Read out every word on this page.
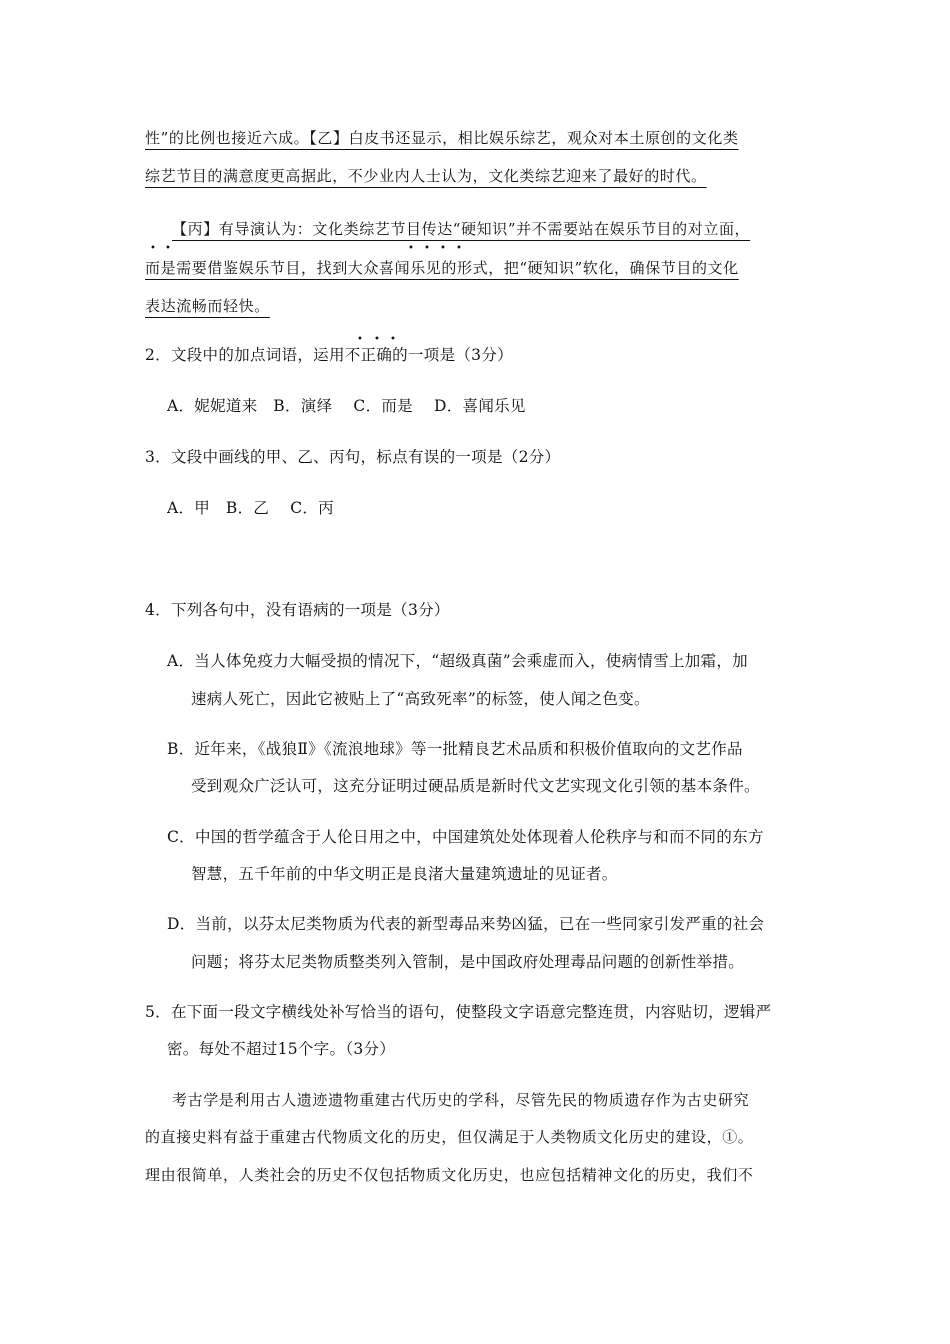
性”的比例也接近六成。【乙】白皮书还显示，相比娱乐综艺，观众对本土原创的文化类
综艺节目的满意度更高据此，不少业内人士认为，文化类综艺迎来了最好的时代。
【丙】有导演认为：文化类综艺节目传达“硬知识”并不需要站在娱乐节目的对立面，
• •	• • • •
而是需要借鉴娱乐节目，找到大众喜闻乐见的形式，把“硬知识”软化，确保节目的文化
表达流畅而轻快。
• • •
2．文段中的加点词语，运用不正确的一项是（3分）
A．妮妮道来　B．演绎　 C．而是　 D．喜闻乐见
3．文段中画线的甲、乙、丙句，标点有误的一项是（2分）
A．甲　B．乙　 C．丙
4．下列各句中，没有语病的一项是（3分）
A．当人体免疫力大幅受损的情况下，“超级真菌”会乘虚而入，使病情雪上加霜，加
速病人死亡，因此它被贴上了“高致死率”的标签，使人闻之色变。
B．近年来，《战狼Ⅱ》《流浪地球》等一批精良艺术品质和积极价值取向的文艺作品
受到观众广泛认可，这充分证明过硬品质是新时代文艺实现文化引领的基本条件。
C．中国的哲学蕴含于人伦日用之中，中国建筑处处体现着人伦秩序与和而不同的东方
智慧，五千年前的中华文明正是良渚大量建筑遗址的见证者。
D．当前，以芬太尼类物质为代表的新型毒品来势凶猛，已在一些同家引发严重的社会
问题；将芬太尼类物质整类列入管制，是中国政府处理毒品问题的创新性举措。
5．在下面一段文字横线处补写恰当的语句，使整段文字语意完整连贯，内容贴切，逻辑严
密。每处不超过15个字。（3分）
考古学是利用古人遗迹遗物重建古代历史的学科，尽管先民的物质遗存作为古史研究
的直接史料有益于重建古代物质文化的历史，但仅满足于人类物质文化历史的建设，①。
理由很简单，人类社会的历史不仅包括物质文化历史，也应包括精神文化的历史，我们不
